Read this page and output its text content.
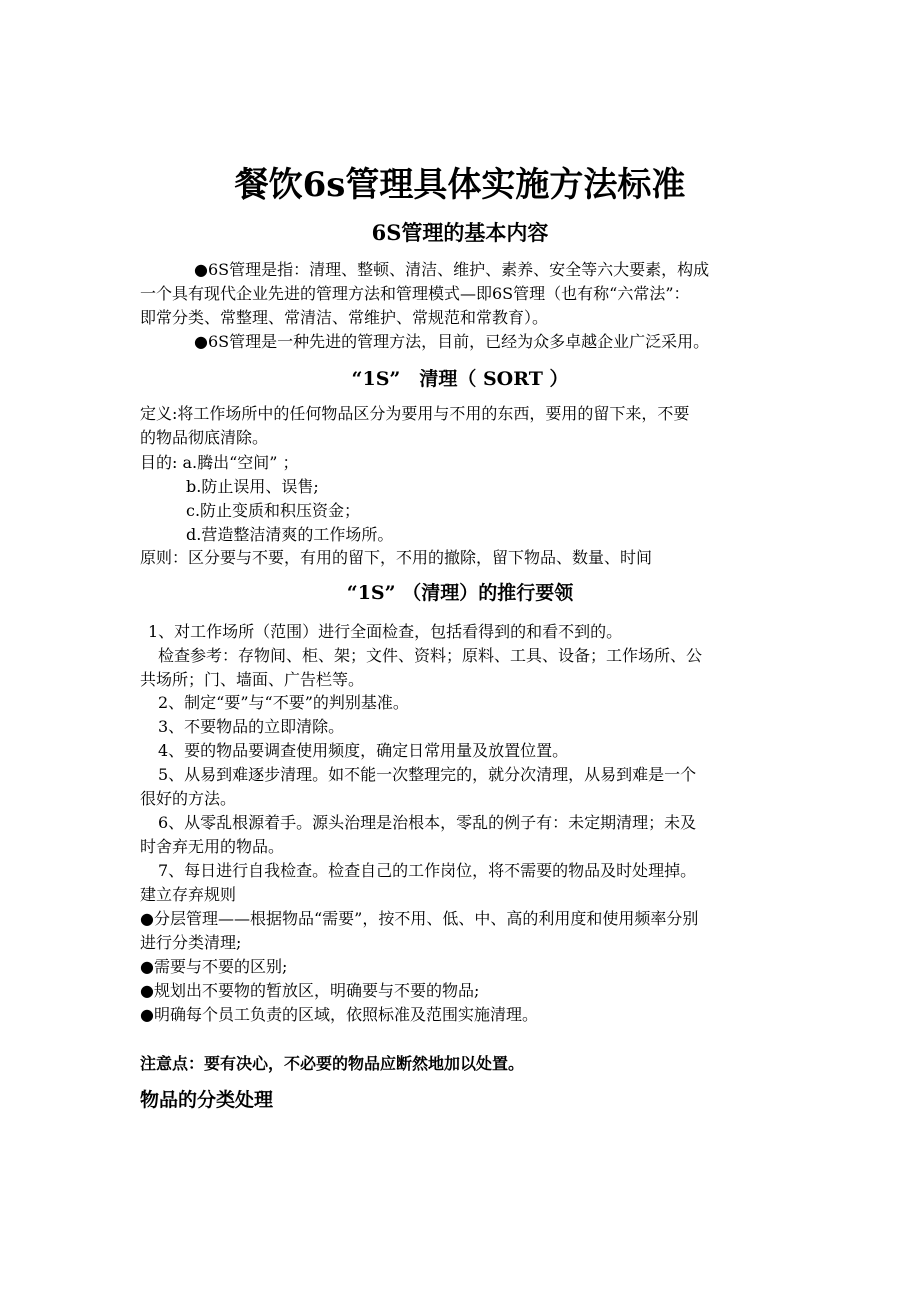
餐饮6s管理具体实施方法标准
6S管理的基本内容
●6S管理是指：清理、整顿、清洁、维护、素养、安全等六大要素，构成
一个具有现代企业先进的管理方法和管理模式—即6S管理（也有称“六常法”：
即常分类、常整理、常清洁、常维护、常规范和常教育）。
●6S管理是一种先进的管理方法，目前，已经为众多卓越企业广泛采用。
“1S”　清理（ SORT ）
定义:将工作场所中的任何物品区分为要用与不用的东西，要用的留下来，不要
的物品彻底清除。
目的: a.腾出“空间” ；
b.防止误用、误售;
c.防止变质和积压资金；
d.营造整洁清爽的工作场所。
原则：区分要与不要，有用的留下，不用的撤除，留下物品、数量、时间
“1S” （清理）的推行要领
1、对工作场所（范围）进行全面检查，包括看得到的和看不到的。
检查参考：存物间、柜、架；文件、资料；原料、工具、设备；工作场所、公
共场所；门、墙面、广告栏等。
2、制定“要”与“不要”的判别基准。
3、不要物品的立即清除。
4、要的物品要调查使用频度，确定日常用量及放置位置。
5、从易到难逐步清理。如不能一次整理完的，就分次清理，从易到难是一个
很好的方法。
6、从零乱根源着手。源头治理是治根本，零乱的例子有：未定期清理；未及
时舍弃无用的物品。
7、每日进行自我检查。检查自己的工作岗位，将不需要的物品及时处理掉。
建立存弃规则
●分层管理——根据物品“需要”，按不用、低、中、高的利用度和使用频率分别
进行分类清理;
●需要与不要的区别;
●规划出不要物的暂放区，明确要与不要的物品;
●明确每个员工负责的区域，依照标准及范围实施清理。
注意点：要有决心，不必要的物品应断然地加以处置。
物品的分类处理
